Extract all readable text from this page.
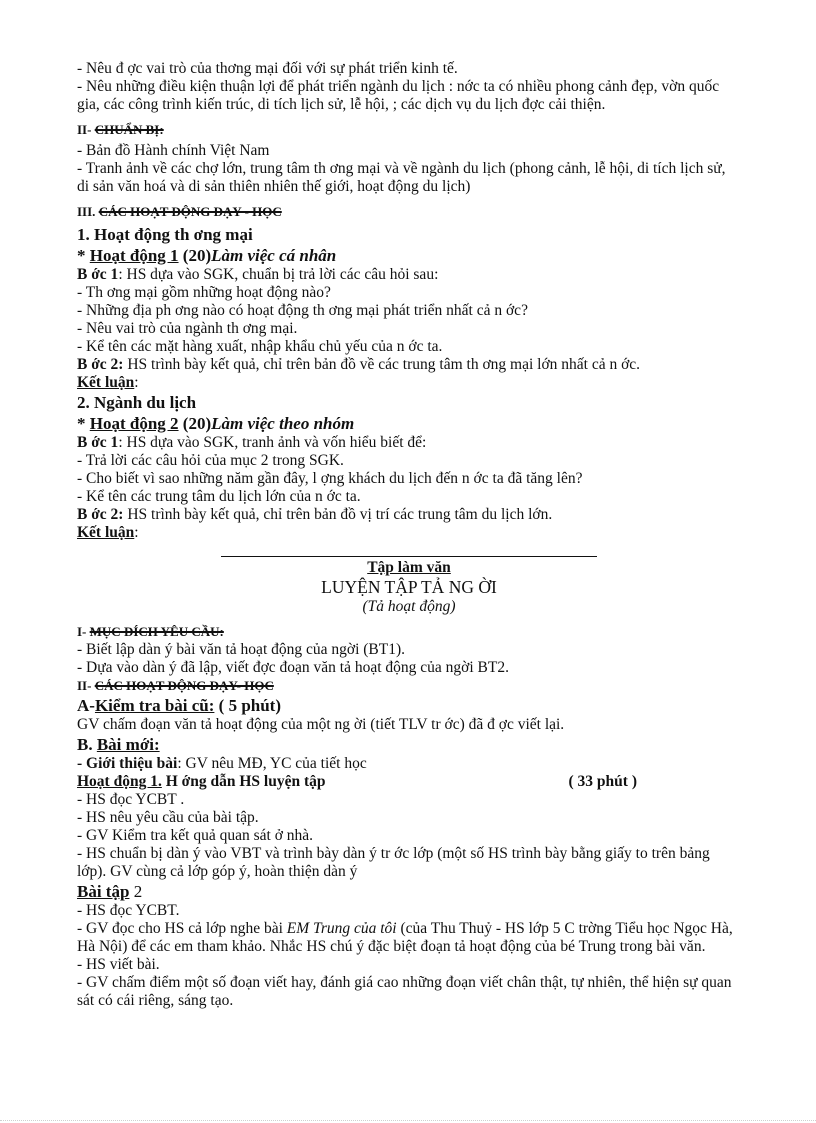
- Nêu đ ợc vai trò của thơng mại đối với sự phát triển kinh tế.

- Nêu những điều kiện thuận lợi để phát triển ngành du lịch : nớc ta có nhiều phong cảnh đẹp, vờn quốc gia, các công trình kiến trúc, di tích lịch sử, lễ hội, ; các dịch vụ du lịch đợc cải thiện.

II- CHUẨN BỊ:

- Bản đồ Hành chính Việt Nam

- Tranh ảnh về các chợ lớn, trung tâm th ơng mại và về ngành du lịch (phong cảnh, lễ hội, di tích lịch sử, di sản văn hoá và di sản thiên nhiên thế giới, hoạt động du lịch)

III. CÁC HOẠT ĐỘNG DẠY - HỌC

1. Hoạt động th ơng mại

* Hoạt động 1 (20)Làm việc cá nhân

B ớc 1: HS dựa vào SGK, chuẩn bị trả lời các câu hỏi sau:

- Th ơng mại gồm những hoạt động nào?

- Những địa ph ơng nào có hoạt động th ơng mại phát triển nhất cả n ớc?

- Nêu vai trò của ngành th ơng mại.

- Kể tên các mặt hàng xuất, nhập khẩu chủ yếu của n ớc ta.

B ớc 2: HS trình bày kết quả, chỉ trên bản đồ về các trung tâm th ơng mại lớn nhất cả n ớc.

Kết luận:

2. Ngành du lịch

* Hoạt động 2 (20)Làm việc theo nhóm

B ớc 1: HS dựa vào SGK, tranh ảnh và vốn hiểu biết để:

- Trả lời các câu hỏi của mục 2 trong SGK.

- Cho biết vì sao những năm gần đây, l ợng khách du lịch đến n ớc ta đã tăng lên?

- Kể tên các trung tâm du lịch lớn của n ớc ta.

B ớc 2: HS trình bày kết quả, chỉ trên bản đồ vị trí các trung tâm du lịch lớn.

Kết luận:

Tập làm văn

LUYỆN TẬP TẢ NG ỜI

(Tả hoạt động)

I- MỤC ĐÍCH YÊU CẦU:

- Biết lập dàn ý bài văn tả hoạt động của ngời (BT1).

- Dựa vào dàn ý đã lập, viết đợc đoạn văn tả hoạt động của ngời BT2.

II- CÁC HOẠT ĐỘNG DẠY- HỌC

A-Kiểm tra bài cũ: ( 5 phút)

GV chấm đoạn văn tả hoạt động của một ng ời (tiết TLV tr ớc) đã đ ợc viết lại.

B. Bài mới:

- Giới thiệu bài: GV nêu MĐ, YC của tiết học

Hoạt động 1. H ớng dẫn HS luyện tập	( 33 phút )

- HS đọc YCBT .

- HS nêu yêu cầu của bài tập.

- GV Kiểm tra kết quả quan sát ở nhà.

- HS chuẩn bị dàn ý vào VBT và trình bày dàn ý tr ớc lớp (một số HS trình bày bằng giấy to trên bảng lớp). GV cùng cả lớp góp ý, hoàn thiện dàn ý

Bài tập 2

- HS đọc YCBT.

- GV đọc cho HS cả lớp nghe bài EM Trung của tôi (của Thu Thuỷ - HS lớp 5 C trờng Tiểu học Ngọc Hà, Hà Nội) để các em tham khảo. Nhắc HS chú ý đặc biệt đoạn tả hoạt động của bé Trung trong bài văn.

- HS viết bài.

- GV chấm điểm một số đoạn viết hay, đánh giá cao những đoạn viết chân thật, tự nhiên, thể hiện sự quan sát có cái riêng, sáng tạo.
